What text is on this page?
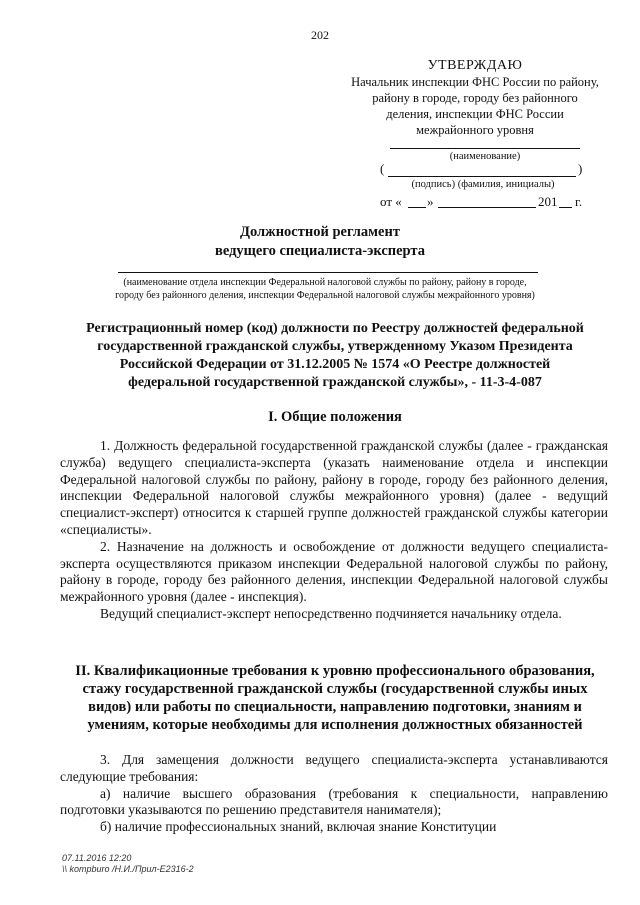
202
УТВЕРЖДАЮ
Начальник инспекции ФНС России по району,
району в городе, городу без районного
деления, инспекции ФНС России
межрайонного уровня
(наименование)
(	)
(подпись) (фамилия, инициалы)
от « »	201 г.
Должностной регламент
ведущего специалиста-эксперта
(наименование отдела инспекции Федеральной налоговой службы по району, району в городе,
городу без районного деления, инспекции Федеральной налоговой службы межрайонного уровня)
Регистрационный номер (код) должности по Реестру должностей федеральной
государственной гражданской службы, утвержденному Указом Президента
Российской Федерации от 31.12.2005 № 1574 «О Реестре должностей
федеральной государственной гражданской службы», - 11-3-4-087
I. Общие положения

1. Должность федеральной государственной гражданской службы (далее - гражданская служба) ведущего специалиста-эксперта (указать наименование отдела и инспекции Федеральной налоговой службы по району, району в городе, городу без районного деления, инспекции Федеральной налоговой службы межрайонного уровня) (далее - ведущий специалист-эксперт) относится к старшей группе должностей гражданской службы категории «специалисты».

2. Назначение на должность и освобождение от должности ведущего специалиста-эксперта осуществляются приказом инспекции Федеральной налоговой службы по району, району в городе, городу без районного деления, инспекции Федеральной налоговой службы межрайонного уровня (далее - инспекция).

Ведущий специалист-эксперт непосредственно подчиняется начальнику отдела.

II. Квалификационные требования к уровню профессионального образования,
стажу государственной гражданской службы (государственной службы иных
видов) или работы по специальности, направлению подготовки, знаниям и
умениям, которые необходимы для исполнения должностных обязанностей

3. Для замещения должности ведущего специалиста-эксперта устанавливаются следующие требования:

а) наличие высшего образования (требования к специальности, направлению подготовки указываются по решению представителя нанимателя);

б) наличие профессиональных знаний, включая знание Конституции

07.11.2016 12:20
\\ kompburo /Н.И./Прил-E2316-2
